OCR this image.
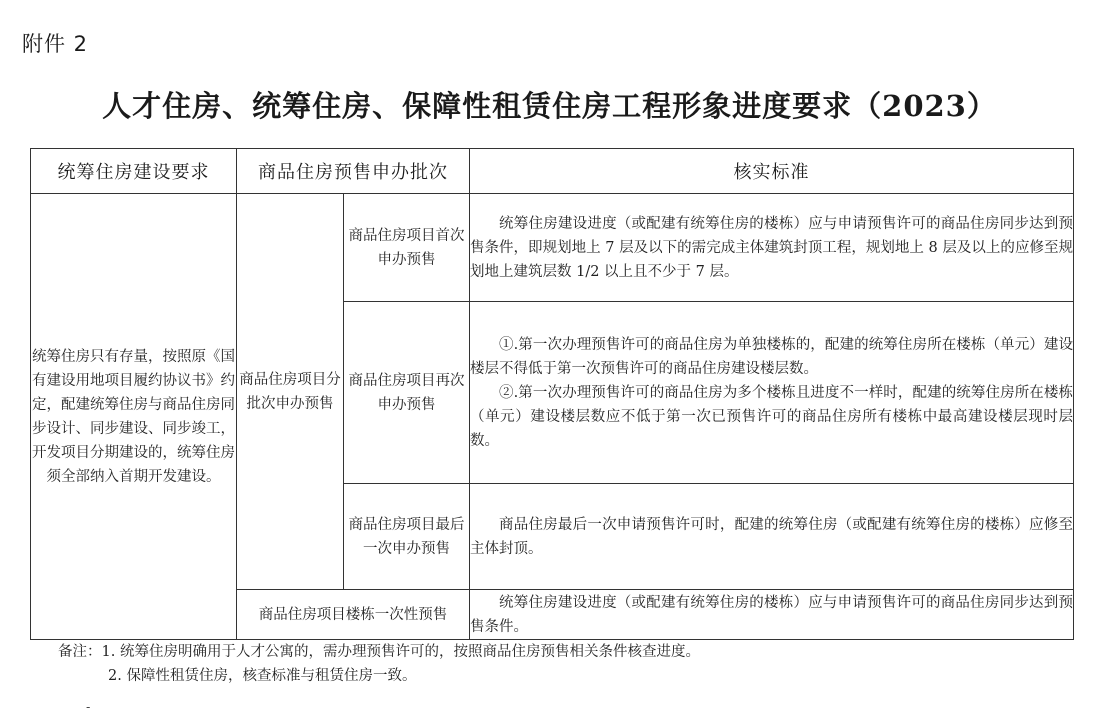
附件 2
人才住房、统筹住房、保障性租赁住房工程形象进度要求（2023）
统筹住房建设要求	商品住房预售申办批次		核实标准
统筹住房只有存量，按照原《国有建设用地项目履约协议书》约定，配建统筹住房与商品住房同步设计、同步建设、同步竣工，开发项目分期建设的，统筹住房须全部纳入首期开发建设。	商品住房项目分批次申办预售	商品住房项目首次申办预售	统筹住房建设进度（或配建有统筹住房的楼栋）应与申请预售许可的商品住房同步达到预售条件，即规划地上 7 层及以下的需完成主体建筑封顶工程，规划地上 8 层及以上的应修至规划地上建筑层数 1/2 以上且不少于 7 层。

		商品住房项目再次申办预售	①.第一次办理预售许可的商品住房为单独楼栋的，配建的统筹住房所在楼栋（单元）建设楼层不得低于第一次预售许可的商品住房建设楼层数。

②.第一次办理预售许可的商品住房为多个楼栋且进度不一样时，配建的统筹住房所在楼栋（单元）建设楼层数应不低于第一次已预售许可的商品住房所有楼栋中最高建设楼层现时层数。

		商品住房项目最后一次申办预售	商品住房最后一次申请预售许可时，配建的统筹住房（或配建有统筹住房的楼栋）应修至主体封顶。

	商品住房项目楼栋一次性预售		统筹住房建设进度（或配建有统筹住房的楼栋）应与申请预售许可的商品住房同步达到预售条件。

备注：1. 统筹住房明确用于人才公寓的，需办理预售许可的，按照商品住房预售相关条件核查进度。
2. 保障性租赁住房，核查标准与租赁住房一致。
-
